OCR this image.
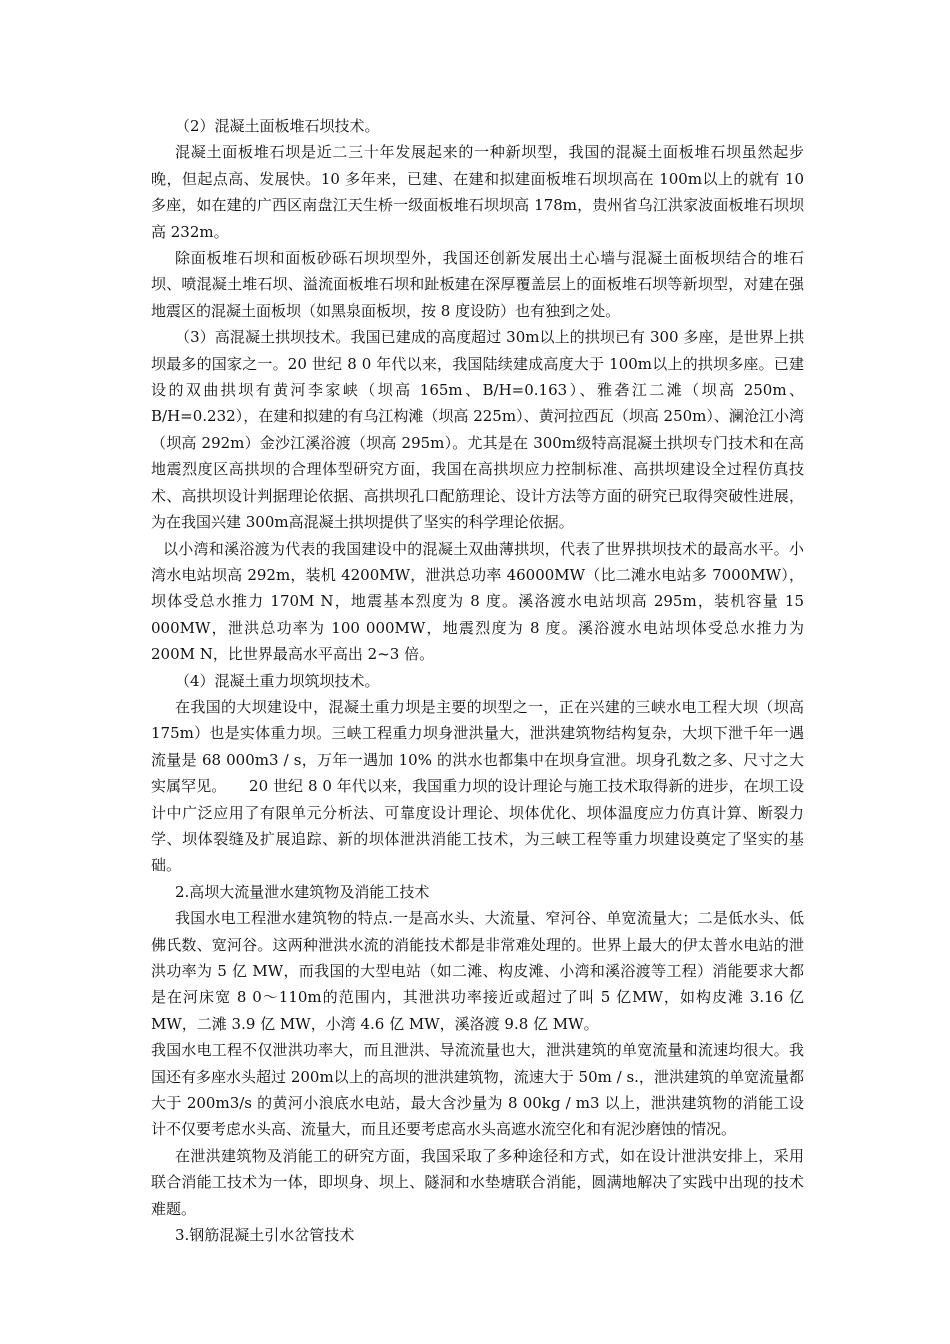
（2）混凝土面板堆石坝技术。

混凝土面板堆石坝是近二三十年发展起来的一种新坝型，我国的混凝土面板堆石坝虽然起步晚，但起点高、发展快。10 多年来，已建、在建和拟建面板堆石坝坝高在 100m以上的就有 10 多座，如在建的广西区南盘江天生桥一级面板堆石坝坝高 178m，贵州省乌江洪家波面板堆石坝坝高 232m。

除面板堆石坝和面板砂砾石坝坝型外，我国还创新发展出土心墙与混凝土面板坝结合的堆石坝、喷混凝土堆石坝、溢流面板堆石坝和趾板建在深厚覆盖层上的面板堆石坝等新坝型，对建在强地震区的混凝土面板坝（如黑泉面板坝，按 8 度设防）也有独到之处。

（3）高混凝土拱坝技术。我国已建成的高度超过 30m以上的拱坝已有 300 多座，是世界上拱坝最多的国家之一。20 世纪 8 0 年代以来，我国陆续建成高度大于 100m以上的拱坝多座。已建设的双曲拱坝有黄河李家峡（坝高 165m、B/H=0.163）、雅砻江二滩（坝高 250m、B/H=0.232），在建和拟建的有乌江构滩（坝高 225m）、黄河拉西瓦（坝高 250m）、澜沧江小湾（坝高 292m）金沙江溪浴渡（坝高 295m）。尤其是在 300m级特高混凝土拱坝专门技术和在高地震烈度区高拱坝的合理体型研究方面，我国在高拱坝应力控制标准、高拱坝建设全过程仿真技术、高拱坝设计判据理论依据、高拱坝孔口配筋理论、设计方法等方面的研究已取得突破性进展，为在我国兴建 300m高混凝土拱坝提供了坚实的科学理论依据。

以小湾和溪浴渡为代表的我国建设中的混凝土双曲薄拱坝，代表了世界拱坝技术的最高水平。小湾水电站坝高 292m，装机 4200MW，泄洪总功率 46000MW（比二滩水电站多 7000MW），坝体受总水推力 170M N，地震基本烈度为 8 度。溪洛渡水电站坝高 295m，装机容量 15 000MW，泄洪总功率为 100 000MW，地震烈度为 8 度。溪浴渡水电站坝体受总水推力为 200M N，比世界最高水平高出 2~3 倍。

（4）混凝土重力坝筑坝技术。

在我国的大坝建设中，混凝土重力坝是主要的坝型之一，正在兴建的三峡水电工程大坝（坝高 175m）也是实体重力坝。三峡工程重力坝身泄洪量大，泄洪建筑物结构复杂，大坝下泄千年一遇流量是 68 000m3 / s，万年一遇加 10% 的洪水也都集中在坝身宣泄。坝身孔数之多、尺寸之大实属罕见。　　20 世纪 8 0 年代以来，我国重力坝的设计理论与施工技术取得新的进步，在坝工设计中广泛应用了有限单元分析法、可靠度设计理论、坝体优化、坝体温度应力仿真计算、断裂力学、坝体裂缝及扩展追踪、新的坝体泄洪消能工技术，为三峡工程等重力坝建设奠定了坚实的基础。

2.高坝大流量泄水建筑物及消能工技术

我国水电工程泄水建筑物的特点.一是高水头、大流量、窄河谷、单宽流量大；二是低水头、低佛氏数、宽河谷。这两种泄洪水流的消能技术都是非常难处理的。世界上最大的伊太普水电站的泄洪功率为 5 亿 MW，而我国的大型电站（如二滩、构皮滩、小湾和溪浴渡等工程）消能要求大都是在河床宽 8 0～110m的范围内，其泄洪功率接近或超过了叫 5 亿MW，如构皮滩 3.16 亿 MW，二滩 3.9 亿 MW，小湾 4.6 亿 MW，溪洛渡 9.8 亿 MW。

我国水电工程不仅泄洪功率大，而且泄洪、导流流量也大，泄洪建筑的单宽流量和流速均很大。我国还有多座水头超过 200m以上的高坝的泄洪建筑物，流速大于 50m / s.，泄洪建筑的单宽流量都大于 200m3/s 的黄河小浪底水电站，最大含沙量为 8 00kg / m3 以上，泄洪建筑物的消能工设计不仅要考虑水头高、流量大，而且还要考虑高水头高遮水流空化和有泥沙磨蚀的情况。

在泄洪建筑物及消能工的研究方面，我国采取了多种途径和方式，如在设计泄洪安排上，采用联合消能工技术为一体，即坝身、坝上、隧洞和水垫塘联合消能，圆满地解决了实践中出现的技术难题。

3.钢筋混凝土引水岔管技术
